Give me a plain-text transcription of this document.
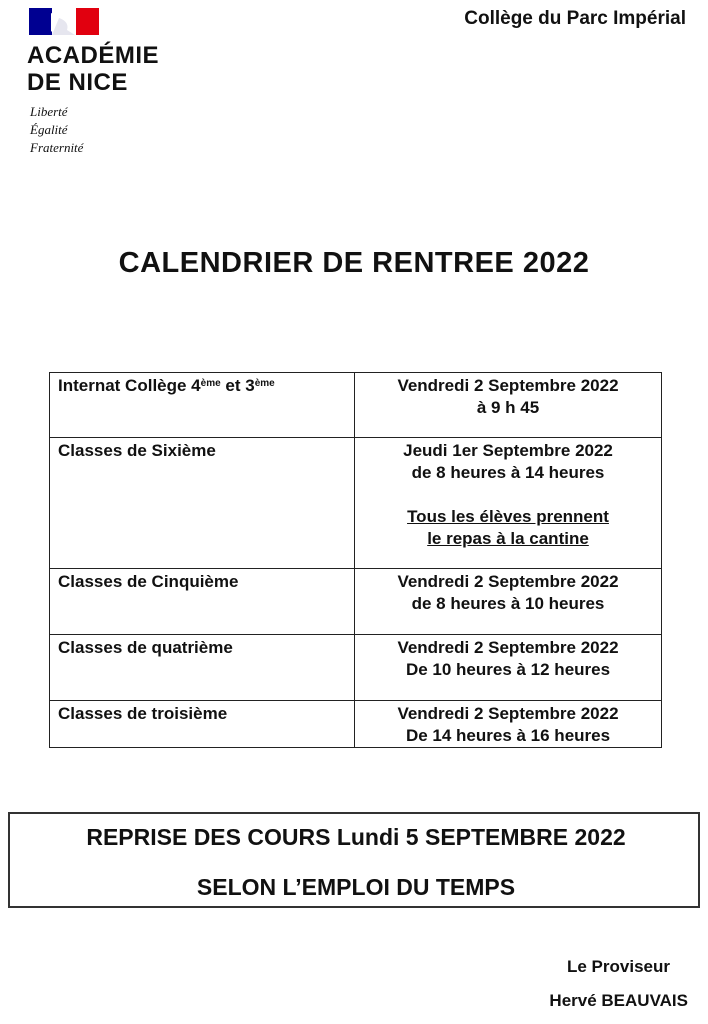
ACADÉMIE
DE NICE
Liberté
Égalité
Fraternité
Collège du Parc Impérial
CALENDRIER DE RENTREE 2022
Internat Collège 4ème et 3ème	Vendredi 2 Septembre 2022
à 9 h 45

Classes de Sixième	Jeudi 1er Septembre 2022
de 8 heures à 14 heures
Tous les élèves prennent
le repas à la cantine

Classes de Cinquième	Vendredi 2 Septembre 2022
de 8 heures à 10 heures

Classes de quatrième	Vendredi 2 Septembre 2022
De 10 heures à 12 heures

Classes de troisième	Vendredi 2 Septembre 2022
De 14 heures à 16 heures
REPRISE DES COURS Lundi 5 SEPTEMBRE 2022
SELON L’EMPLOI DU TEMPS
Le Proviseur
Hervé BEAUVAIS
